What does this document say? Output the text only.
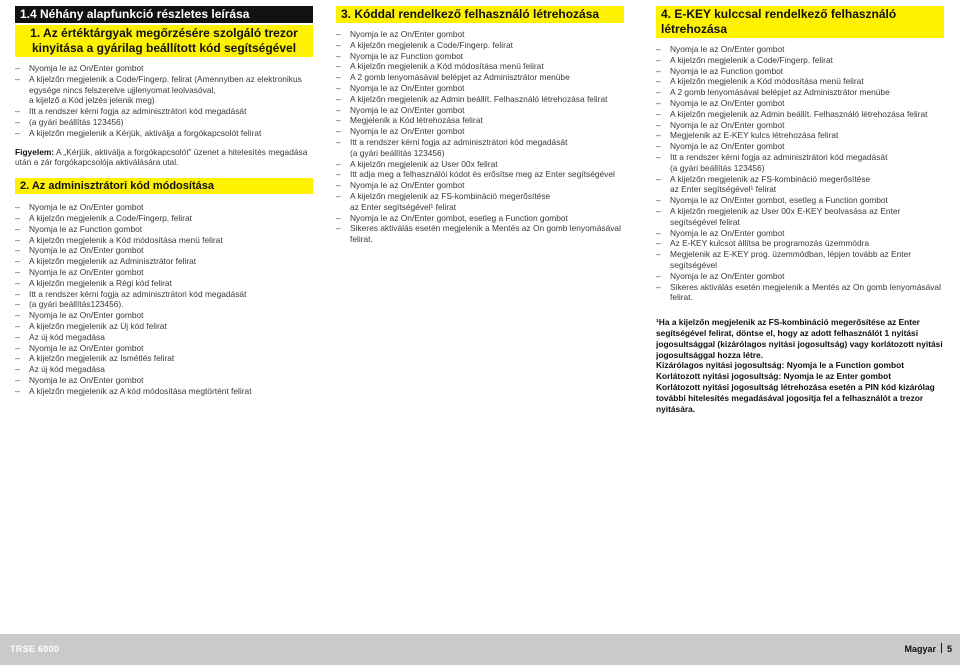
1.4 Néhány alapfunkció részletes leírása
1. Az értéktárgyak megőrzésére szolgáló trezor
kinyitása a gyárilag beállított kód segítségével
– Nyomja le az On/Enter gombot
– A kijelzőn megjelenik a Code/Fingerp. felirat (Amennyiben az elektronikus
egysége nincs felszerelve ujjlenyomat leolvasóval,
a kijelző a Kód jelzés jelenik meg)
– Itt a rendszer kérni fogja az adminisztrátori kód megadását
– (a gyári beállítás 123456)
– A kijelzőn megjelenik a Kérjük, aktiválja a forgókapcsolót felirat
Figyelem: A „Kérjük, aktiválja a forgókapcsolót” üzenet a hitelesítés megadása után a zár forgókapcsolója aktiválására utal.
2. Az adminisztrátori kód módosítása
– Nyomja le az On/Enter gombot
– A kijelzőn megjelenik a Code/Fingerp. felirat
– Nyomja le az Function gombot
– A kijelzőn megjelenik a Kód módosítása menü felirat
– Nyomja le az On/Enter gombot
– A kijelzőn megjelenik az Adminisztrátor felirat
– Nyomja le az On/Enter gombot
– A kijelzőn megjelenik a Régi kód felirat
– Itt a rendszer kérni fogja az adminisztrátori kód megadását
– (a gyári beállítás123456).
– Nyomja le az On/Enter gombot
– A kijelzőn megjelenik az Új kód felirat
– Az új kód megadása
– Nyomja le az On/Enter gombot
– A kijelzőn megjelenik az Ismétlés felirat
– Az új kód megadása
– Nyomja le az On/Enter gombot
– A kijelzőn megjelenik az A kód módosítása megtörtént felirat
3. Kóddal rendelkező felhasználó létrehozása
– Nyomja le az On/Enter gombot
– A kijelzőn megjelenik a Code/Fingerp. felirat
– Nyomja le az Function gombot
– A kijelzőn megjelenik a Kód módosítása menü felirat
– A 2 gomb lenyomásával belépjet az Adminisztrátor menübe
– Nyomja le az On/Enter gombot
– A kijelzőn megjelenik az Admin beállít. Felhasználó létrehozása felirat
– Nyomja le az On/Enter gombot
– Megjelenik a Kód létrehozása felirat
– Nyomja le az On/Enter gombot
– Itt a rendszer kérni fogja az adminisztrátori kód megadását
(a gyári beállítás 123456)
– A kijelzőn megjelenik az User 00x felirat
– Itt adja meg a felhasználói kódot és erősítse meg az Enter segítségével
– Nyomja le az On/Enter gombot
– A kijelzőn megjelenik az FS-kombináció megerősítése
az Enter segítségével¹ felirat
– Nyomja le az On/Enter gombot, esetleg a Function gombot
– Sikeres aktiválás esetén megjelenik a Mentés az On gomb lenyomásával felirat.
4. E-KEY kulccsal rendelkező felhasználó létrehozása
– Nyomja le az On/Enter gombot
– A kijelzőn megjelenik a Code/Fingerp. felirat
– Nyomja le az Function gombot
– A kijelzőn megjelenik a Kód módosítása menü felirat
– A 2 gomb lenyomásával belépjet az Adminisztrátor menübe
– Nyomja le az On/Enter gombot
– A kijelzőn megjelenik az Admin beállít. Felhasználó létrehozása felirat
– Nyomja le az On/Enter gombot
– Megjelenik az E-KEY kulcs létrehozása felirat
– Nyomja le az On/Enter gombot
– Itt a rendszer kérni fogja az adminisztrátori kód megadását
(a gyári beállítás 123456)
– A kijelzőn megjelenik az FS-kombináció megerősítése
az Enter segítségével¹ felirat
– Nyomja le az On/Enter gombot, esetleg a Function gombot
– A kijelzőn megjelenik az User 00x E-KEY beolvasása az Enter segítségével felirat
– Nyomja le az On/Enter gombot
– Az E-KEY kulcsot állítsa be programozás üzemmódra
– Megjelenik az E-KEY prog. üzemmódban, lépjen tovább az Enter segítségével
– Nyomja le az On/Enter gombot
– Sikeres aktiválás esetén megjelenik a Mentés az On gomb lenyomásával felirat.

¹Ha a kijelzőn megjelenik az FS-kombináció megerősítése az Enter

segítségével felirat, döntse el, hogy az adott felhasználót 1 nyitási

jogosultsággal (kizárólagos nyitási jogosultság) vagy korlátozott nyitási

jogosultsággal hozza létre.

Kizárólagos nyitási jogosultság: Nyomja le a Function gombot

Korlátozott nyitási jogosultság: Nyomja le az Enter gombot

Korlátozott nyitási jogosultság létrehozása esetén a PIN kód kizárólag

további hitelesítés megadásával jogosítja fel a felhasználót a trezor

nyitására.

TRSE 6000	Magyar 5
